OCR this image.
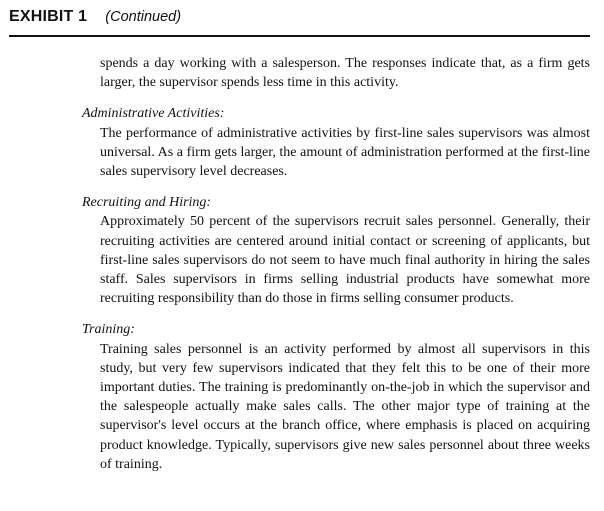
EXHIBIT 1 (Continued)

spends a day working with a salesperson. The responses indicate that, as a firm gets larger, the supervisor spends less time in this activity.

Administrative Activities:

The performance of administrative activities by first-line sales supervisors was almost universal. As a firm gets larger, the amount of administration performed at the first-line sales supervisory level decreases.

Recruiting and Hiring:

Approximately 50 percent of the supervisors recruit sales personnel. Generally, their recruiting activities are centered around initial contact or screening of applicants, but first-line sales supervisors do not seem to have much final authority in hiring the sales staff. Sales supervisors in firms selling industrial products have somewhat more recruiting responsibility than do those in firms selling consumer products.

Training:

Training sales personnel is an activity performed by almost all supervisors in this study, but very few supervisors indicated that they felt this to be one of their more important duties. The training is predominantly on-the-job in which the supervisor and the salespeople actually make sales calls. The other major type of training at the supervisor's level occurs at the branch office, where emphasis is placed on acquiring product knowledge. Typically, supervisors give new sales personnel about three weeks of training.
